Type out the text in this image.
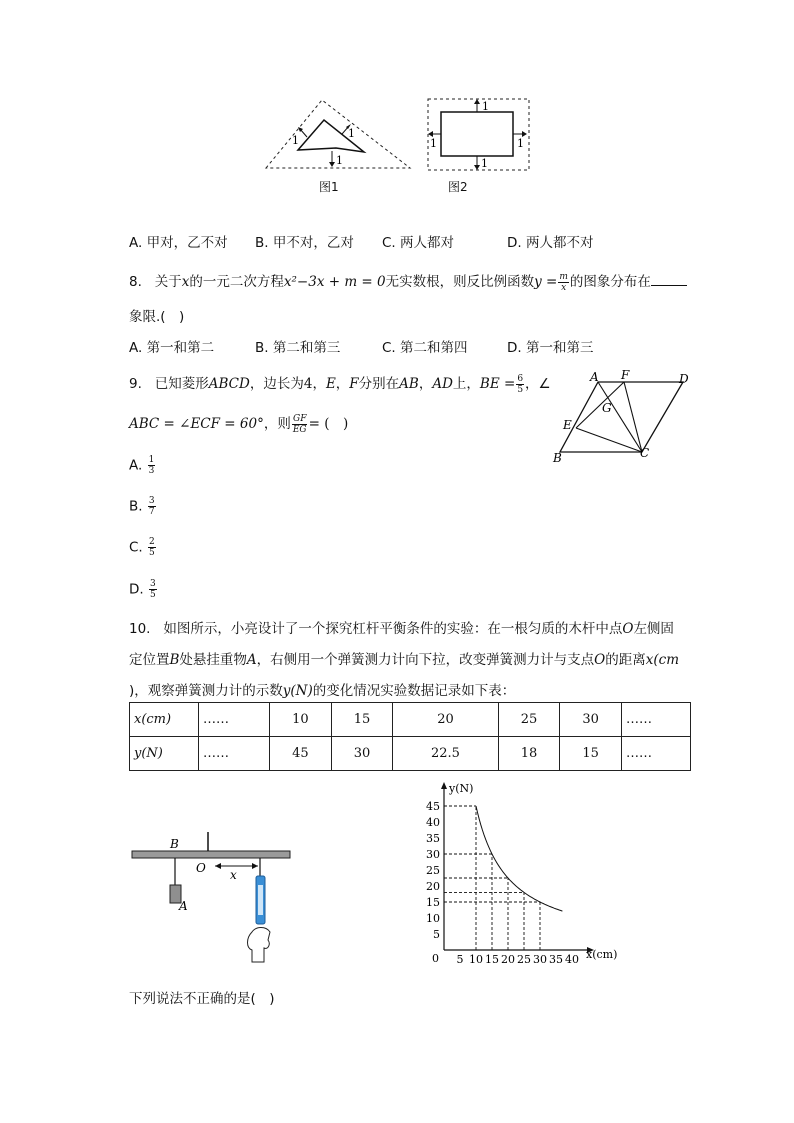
1
1
1
图1
1
1	1
1
图2
A. 甲对，乙不对 B. 甲不对，乙对 C. 两人都对	D. 两人都不对
8. 关于x的一元二次方程x²−3x + m = 0无实数根，则反比例函数$y = \frac{m}{x}$ 的图象分布在
象限.(　)
A. 第一和第二	B. 第二和第三	C. 第二和第四	D. 第一和第三
9. 已知菱形ABCD，边长为4，E，F分别在AB，AD上，BE = $\frac{6}{5}$ ，∠
ABC = ∠ECF = 60°，则 $\frac{GF}{EG}$ = (　)
A. $\frac{1}{3}$
B. $\frac{3}{7}$
C. $\frac{2}{5}$
D. $\frac{3}{5}$
A F	D
G
E
B	C
10. 如图所示，小亮设计了一个探究杠杆平衡条件的实验：在一根匀质的木杆中点O左侧固
定位置B处悬挂重物A，右侧用一个弹簧测力计向下拉，改变弹簧测力计与支点O的距离x(cm
)，观察弹簧测力计的示数y(N)的变化情况实验数据记录如下表：
x(cm)	……	10	15	20	25	30	……
y(N)	……	45	30	22.5	18	15	……
B
O x
A
5
10
15
20
25
30
35
40
45
5 10 15 20 25 30 35 40
y(N)
x(cm)
0
下列说法不正确的是(　)
